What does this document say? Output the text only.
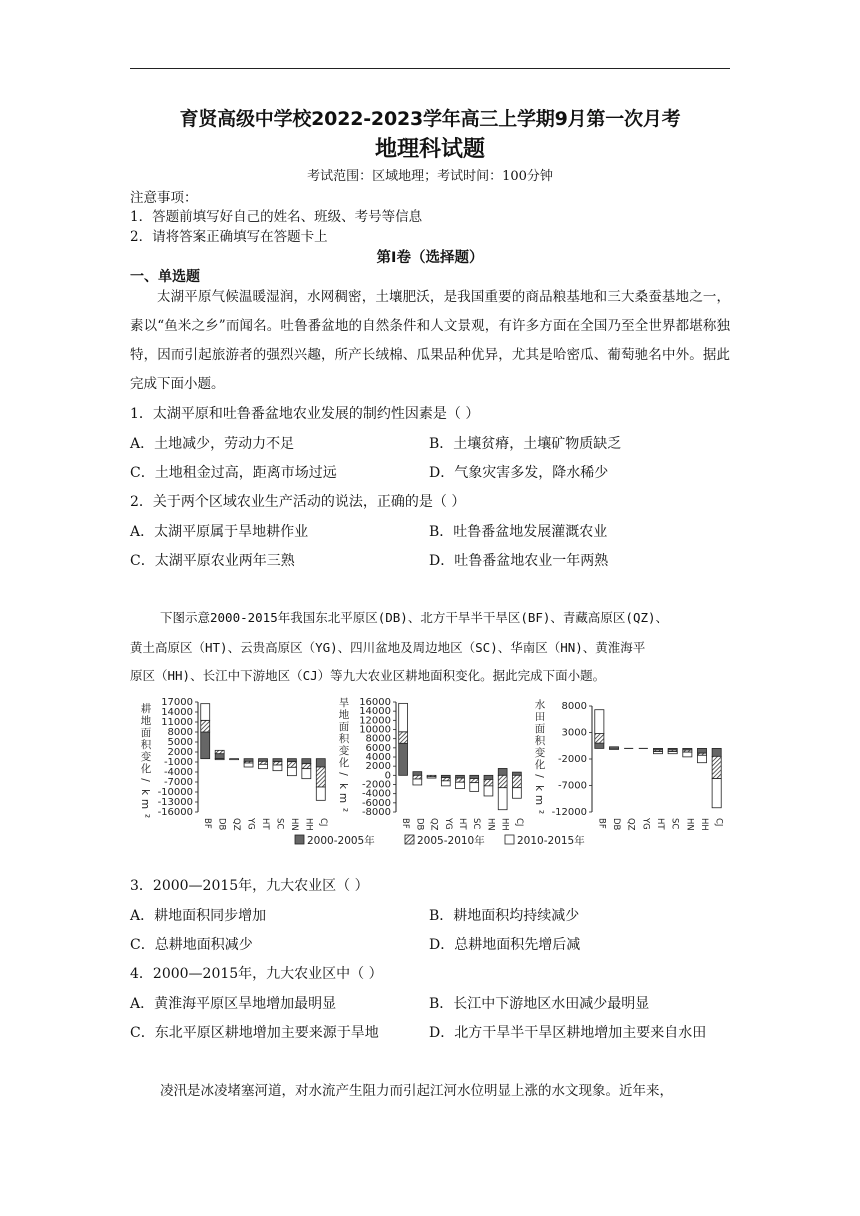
育贤高级中学校2022-2023学年高三上学期9月第一次月考
地理科试题
考试范围：区域地理；考试时间：100分钟
注意事项：
1．答题前填写好自己的姓名、班级、考号等信息
2．请将答案正确填写在答题卡上
第Ⅰ卷（选择题）
一、单选题

太湖平原气候温暖湿润，水网稠密，土壤肥沃，是我国重要的商品粮基地和三大桑蚕基地之一，素以“鱼米之乡”而闻名。吐鲁番盆地的自然条件和人文景观，有许多方面在全国乃至全世界都堪称独特，因而引起旅游者的强烈兴趣，所产长绒棉、瓜果品种优异，尤其是哈密瓜、葡萄驰名中外。据此完成下面小题。

1．太湖平原和吐鲁番盆地农业发展的制约性因素是（ ）
A．土地减少，劳动力不足	B．土壤贫瘠，土壤矿物质缺乏
C．土地租金过高，距离市场过远	D．气象灾害多发，降水稀少
2．关于两个区域农业生产活动的说法，正确的是（ ）
A．太湖平原属于旱地耕作业	B．吐鲁番盆地发展灌溉农业
C．太湖平原农业两年三熟	D．吐鲁番盆地农业一年两熟
下图示意2000-2015年我国东北平原区(DB)、北方干旱半干旱区(BF)、青藏高原区(QZ)、
黄土高原区（HT)、云贵高原区（YG)、四川盆地及周边地区（SC)、华南区（HN)、黄淮海平
原区（HH)、长江中下游地区（CJ）等九大农业区耕地面积变化。据此完成下面小题。
2000-2005年	2005-2010年	2010-2015年
17000
14000
11000
8000
5000
2000
-1000
-4000
-7000
-10000
-13000
-16000
耕
地
面
积
变
化
/
k
m
²
BF DB QZ YG HT SC HN HH CJ
16000
14000
12000
10000
8000
6000
4000
2000
0
-2000
-4000
-6000
-8000
旱
地
面
积
变
化
/
k
m
²
BF DB QZ YG HT SC HN HH CJ
8000
3000
-2000
-7000
-12000
水
田
面
积
变
化
/
k
m
²
BF DB QZ YG HT SC HN HH CJ
3．2000—2015年，九大农业区（ ）
A．耕地面积同步增加	B．耕地面积均持续减少
C．总耕地面积减少	D．总耕地面积先增后减
4．2000—2015年，九大农业区中（ ）
A．黄淮海平原区旱地增加最明显	B．长江中下游地区水田减少最明显
C．东北平原区耕地增加主要来源于旱地	D．北方干旱半干旱区耕地增加主要来自水田
凌汛是冰凌堵塞河道，对水流产生阻力而引起江河水位明显上涨的水文现象。近年来，
